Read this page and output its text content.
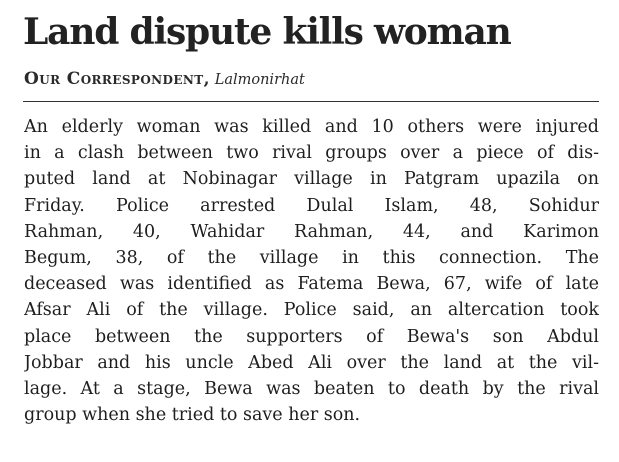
Land dispute kills woman
Our Correspondent, Lalmonirhat
An elderly woman was killed and 10 others were injured
in a clash between two rival groups over a piece of dis-
puted land at Nobinagar village in Patgram upazila on
Friday. Police arrested Dulal Islam, 48, Sohidur
Rahman, 40, Wahidar Rahman, 44, and Karimon
Begum, 38, of the village in this connection. The
deceased was identified as Fatema Bewa, 67, wife of late
Afsar Ali of the village. Police said, an altercation took
place between the supporters of Bewa's son Abdul
Jobbar and his uncle Abed Ali over the land at the vil-
lage. At a stage, Bewa was beaten to death by the rival
group when she tried to save her son.
